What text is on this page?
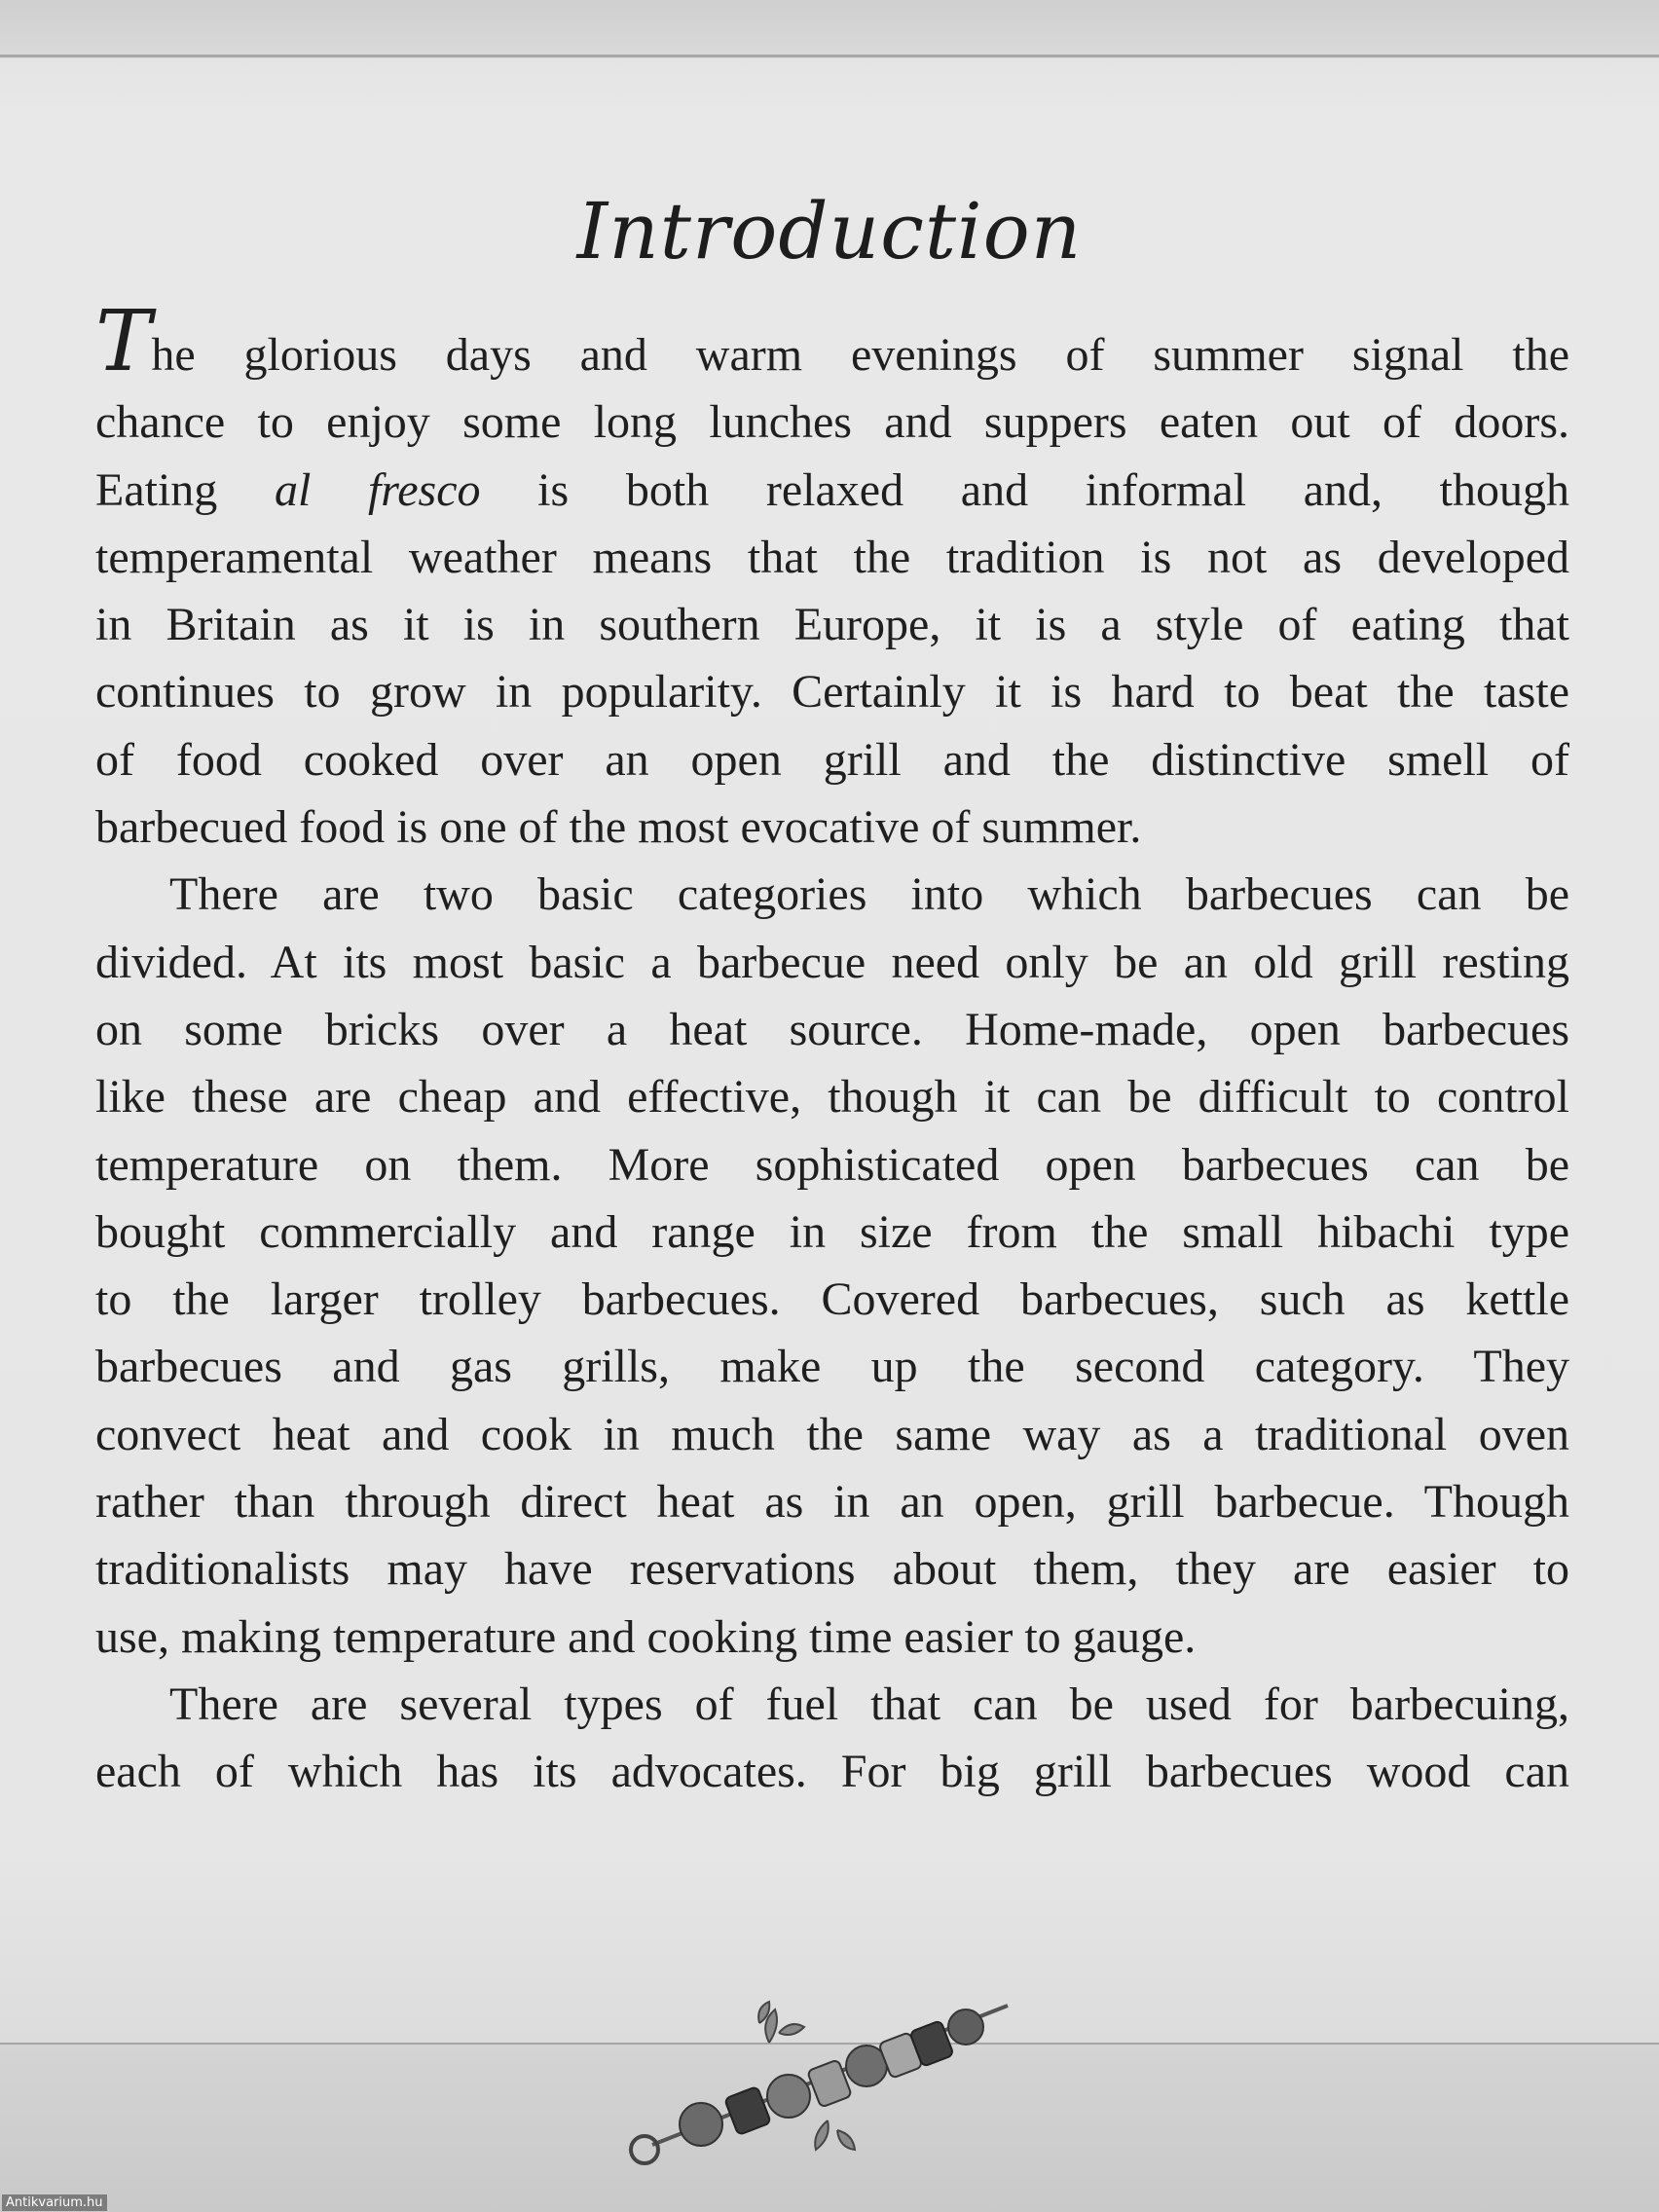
Introduction

The glorious days and warm evenings of summer signal the
chance to enjoy some long lunches and suppers eaten out of doors.
Eating al fresco is both relaxed and informal and, though
temperamental weather means that the tradition is not as developed
in Britain as it is in southern Europe, it is a style of eating that
continues to grow in popularity. Certainly it is hard to beat the taste
of food cooked over an open grill and the distinctive smell of
barbecued food is one of the most evocative of summer.

There are two basic categories into which barbecues can be
divided. At its most basic a barbecue need only be an old grill resting
on some bricks over a heat source. Home-made, open barbecues
like these are cheap and effective, though it can be difficult to control
temperature on them. More sophisticated open barbecues can be
bought commercially and range in size from the small hibachi type
to the larger trolley barbecues. Covered barbecues, such as kettle
barbecues and gas grills, make up the second category. They
convect heat and cook in much the same way as a traditional oven
rather than through direct heat as in an open, grill barbecue. Though
traditionalists may have reservations about them, they are easier to
use, making temperature and cooking time easier to gauge.

There are several types of fuel that can be used for barbecuing,
each of which has its advocates. For big grill barbecues wood can

Antikvarium.hu
